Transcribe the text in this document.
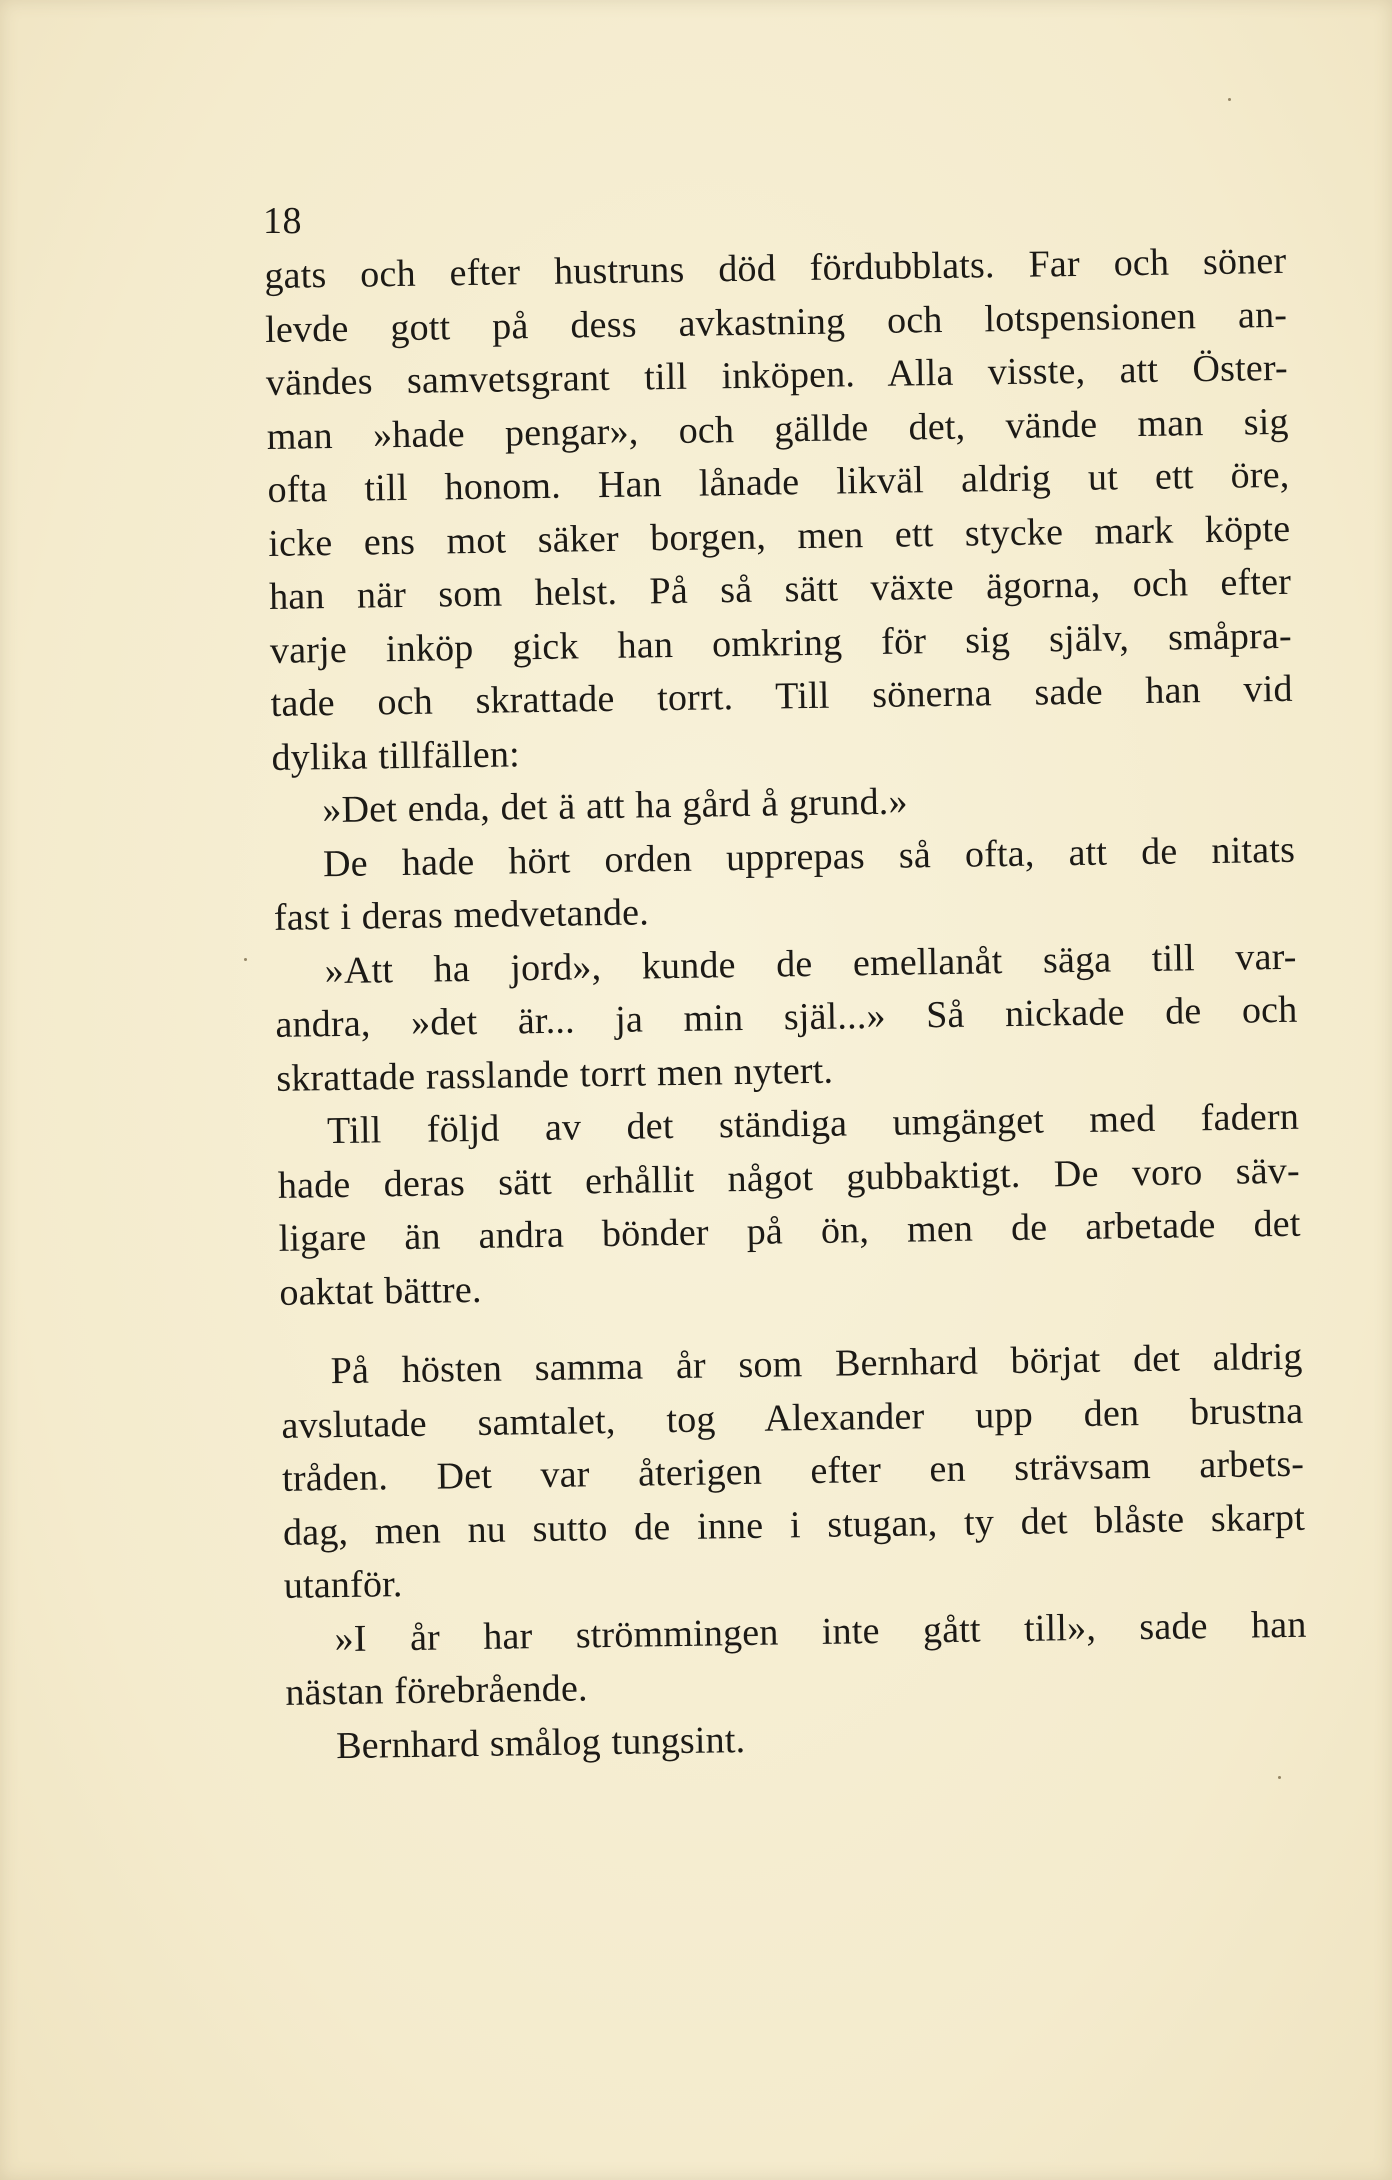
18
gats och efter hustruns död fördubblats. Far och söner
levde gott på dess avkastning och lotspensionen an-
vändes samvetsgrant till inköpen. Alla visste, att Öster-
man »hade pengar», och gällde det, vände man sig
ofta till honom. Han lånade likväl aldrig ut ett öre,
icke ens mot säker borgen, men ett stycke mark köpte
han när som helst. På så sätt växte ägorna, och efter
varje inköp gick han omkring för sig själv, småpra-
tade och skrattade torrt. Till sönerna sade han vid
dylika tillfällen:
»Det enda, det ä att ha gård å grund.»
De hade hört orden upprepas så ofta, att de nitats
fast i deras medvetande.
»Att ha jord», kunde de emellanåt säga till var-
andra, »det är... ja min själ...» Så nickade de och
skrattade rasslande torrt men nytert.
Till följd av det ständiga umgänget med fadern
hade deras sätt erhållit något gubbaktigt. De voro säv-
ligare än andra bönder på ön, men de arbetade det
oaktat bättre.
På hösten samma år som Bernhard börjat det aldrig
avslutade samtalet, tog Alexander upp den brustna
tråden. Det var återigen efter en strävsam arbets-
dag, men nu sutto de inne i stugan, ty det blåste skarpt
utanför.
»I år har strömmingen inte gått till», sade han
nästan förebrående.
Bernhard smålog tungsint.
